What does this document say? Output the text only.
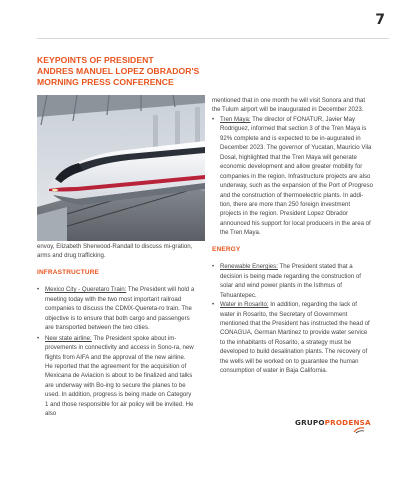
7
KEYPOINTS OF PRESIDENT
ANDRES MANUEL LOPEZ OBRADOR'S
MORNING PRESS CONFERENCE

envoy, Elizabeth Sherwood-Randall to discuss mi-gration, arms and drug trafficking.

INFRASTRUCTURE

• Mexico City - Queretaro Train: The President will hold a meeting today with the two most important railroad companies to discuss the CDMX-Quereta-ro train. The objective is to ensure that both cargo and passengers are transported between the two cities.

• New state airline: The President spoke about im-provements in connectivity and access in Sono-ra, new flights from AIFA and the approval of the new airline. He reported that the agreement for the acquisition of Mexicana de Aviacion is about to be finalized and talks are underway with Bo-ing to secure the planes to be used. In addition, progress is being made on Category 1 and those responsible for air policy will be invited. He also

mentioned that in one month he will visit Sonora and that the Tulum airport will be inaugurated in December 2023.

• Tren Maya: The director of FONATUR, Javier May Rodriguez, informed that section 3 of the Tren Maya is 92% complete and is expected to be in-augurated in December 2023. The governor of Yucatan, Mauricio Vila Dosal, highlighted that the Tren Maya will generate economic development and allow greater mobility for companies in the region. Infrastructure projects are also underway, such as the expansion of the Port of Progreso and the construction of thermoelectric plants. In addi-tion, there are more than 250 foreign investment projects in the region. President Lopez Obrador announced his support for local producers in the area of the Tren Maya.

ENERGY

• Renewable Energies: The President stated that a decision is being made regarding the construction of solar and wind power plants in the Isthmus of Tehuantepec.

• Water in Rosarito: In addition, regarding the lack of water in Rosarito, the Secretary of Government mentioned that the President has instructed the head of CONAGUA, German Martinez to provide water service to the inhabitants of Rosarito, a strategy must be developed to build desalination plants. The recovery of the wells will be worked on to guarantee the human consumption of water in Baja California.

GRUPOPRODENSA
